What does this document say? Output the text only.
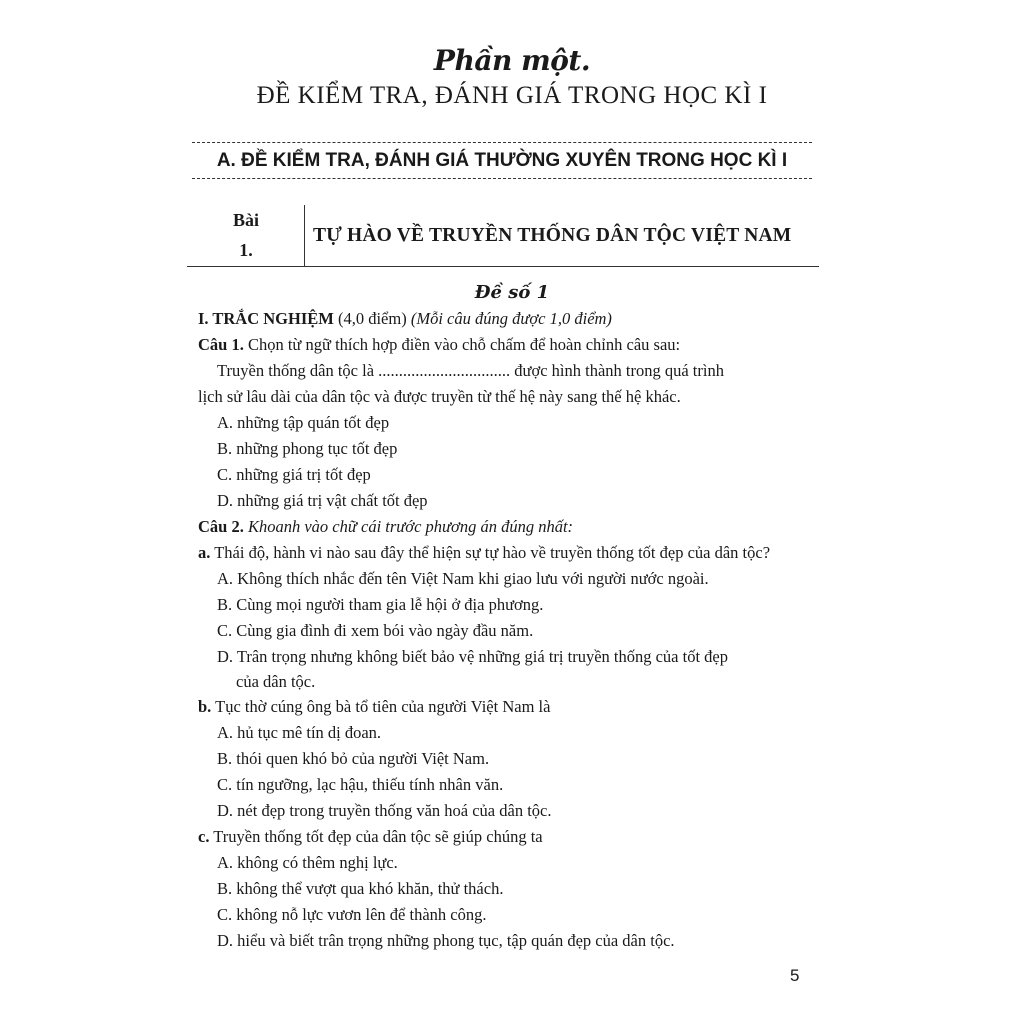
Phần một.
ĐỀ KIỂM TRA, ĐÁNH GIÁ TRONG HỌC KÌ I
A. ĐỀ KIỂM TRA, ĐÁNH GIÁ THƯỜNG XUYÊN TRONG HỌC KÌ I
Bài
1.
TỰ HÀO VỀ TRUYỀN THỐNG DÂN TỘC VIỆT NAM
Đề số 1
I. TRẮC NGHIỆM (4,0 điểm) (Mỗi câu đúng được 1,0 điểm)
Câu 1. Chọn từ ngữ thích hợp điền vào chỗ chấm để hoàn chỉnh câu sau:
Truyền thống dân tộc là ................................ được hình thành trong quá trình
lịch sử lâu dài của dân tộc và được truyền từ thế hệ này sang thế hệ khác.
A. những tập quán tốt đẹp
B. những phong tục tốt đẹp
C. những giá trị tốt đẹp
D. những giá trị vật chất tốt đẹp
Câu 2. Khoanh vào chữ cái trước phương án đúng nhất:
a. Thái độ, hành vi nào sau đây thể hiện sự tự hào về truyền thống tốt đẹp của dân tộc?
A. Không thích nhắc đến tên Việt Nam khi giao lưu với người nước ngoài.
B. Cùng mọi người tham gia lễ hội ở địa phương.
C. Cùng gia đình đi xem bói vào ngày đầu năm.
D. Trân trọng nhưng không biết bảo vệ những giá trị truyền thống của tốt đẹp
của dân tộc.
b. Tục thờ cúng ông bà tổ tiên của người Việt Nam là
A. hủ tục mê tín dị đoan.
B. thói quen khó bỏ của người Việt Nam.
C. tín ngưỡng, lạc hậu, thiếu tính nhân văn.
D. nét đẹp trong truyền thống văn hoá của dân tộc.
c. Truyền thống tốt đẹp của dân tộc sẽ giúp chúng ta
A. không có thêm nghị lực.
B. không thể vượt qua khó khăn, thử thách.
C. không nỗ lực vươn lên để thành công.
D. hiểu và biết trân trọng những phong tục, tập quán đẹp của dân tộc.
5
